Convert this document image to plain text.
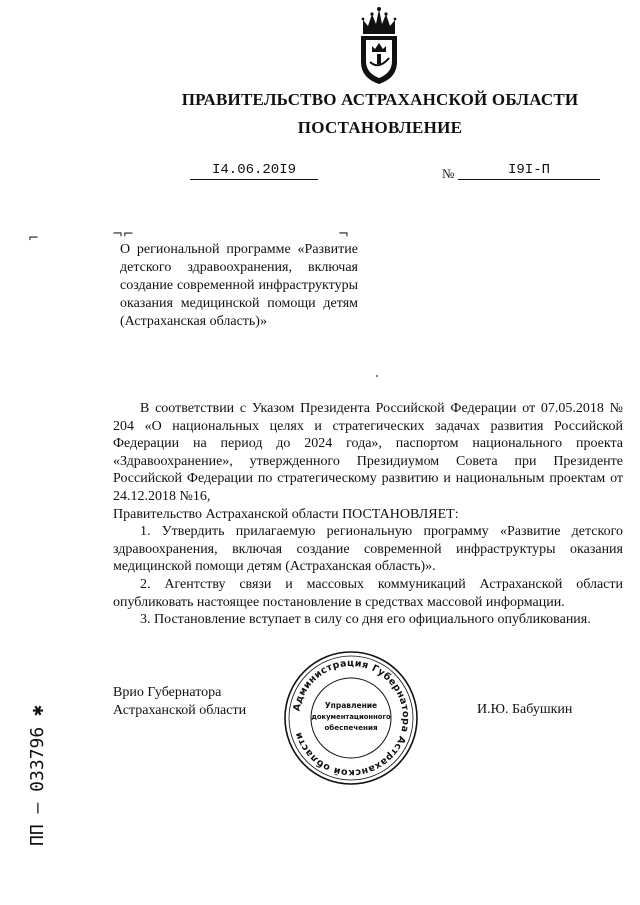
ПРАВИТЕЛЬСТВО АСТРАХАНСКОЙ ОБЛАСТИ
ПОСТАНОВЛЕНИЕ
I4.06.20I9	№	I9I-П
⌐	¬⌐	¬
О региональной программе «Развитие детского здравоохранения, включая создание современной инфраструктуры оказания медицинской помощи детям (Астраханская область)»

В соответствии с Указом Президента Российской Федерации от 07.05.2018 № 204 «О национальных целях и стратегических задачах развития Российской Федерации на период до 2024 года», паспортом национального проекта «Здравоохранение», утвержденного Президиумом Совета при Президенте Российской Федерации по стратегическому развитию и национальным проектам от 24.12.2018 №16,

Правительство Астраханской области ПОСТАНОВЛЯЕТ:

1. Утвердить прилагаемую региональную программу «Развитие детского здравоохранения, включая создание современной инфраструктуры оказания медицинской помощи детям (Астраханская область)».

2. Агентству связи и массовых коммуникаций Астраханской области опубликовать настоящее постановление в средствах массовой информации.

3. Постановление вступает в силу со дня его официального опубликования.

Врио Губернатора
Астраханской области	И.Ю. Бабушкин
Администрация Губернатора Астраханской области
Управление
документационного
обеспечения
ПП – 033796 ✱
